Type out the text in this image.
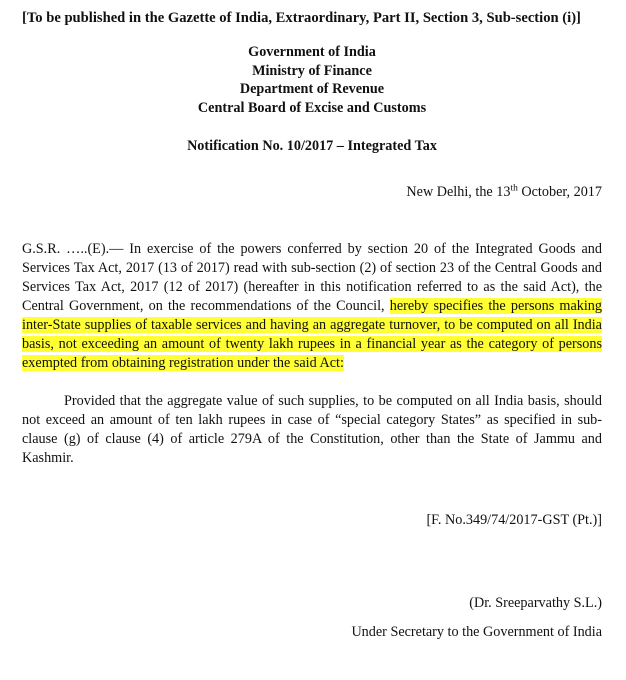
[To be published in the Gazette of India, Extraordinary, Part II, Section 3, Sub-section (i)]

Government of India
Ministry of Finance
Department of Revenue
Central Board of Excise and Customs
Notification No. 10/2017 – Integrated Tax
New Delhi, the 13th October, 2017

G.S.R. …..(E).— In exercise of the powers conferred by section 20 of the Integrated Goods and Services Tax Act, 2017 (13 of 2017) read with sub-section (2) of section 23 of the Central Goods and Services Tax Act, 2017 (12 of 2017) (hereafter in this notification referred to as the said Act), the Central Government, on the recommendations of the Council, hereby specifies the persons making inter-State supplies of taxable services and having an aggregate turnover, to be computed on all India basis, not exceeding an amount of twenty lakh rupees in a financial year as the category of persons exempted from obtaining registration under the said Act:

Provided that the aggregate value of such supplies, to be computed on all India basis, should not exceed an amount of ten lakh rupees in case of “special category States” as specified in sub-clause (g) of clause (4) of article 279A of the Constitution, other than the State of Jammu and Kashmir.

[F. No.349/74/2017-GST (Pt.)]
(Dr. Sreeparvathy S.L.)
Under Secretary to the Government of India
